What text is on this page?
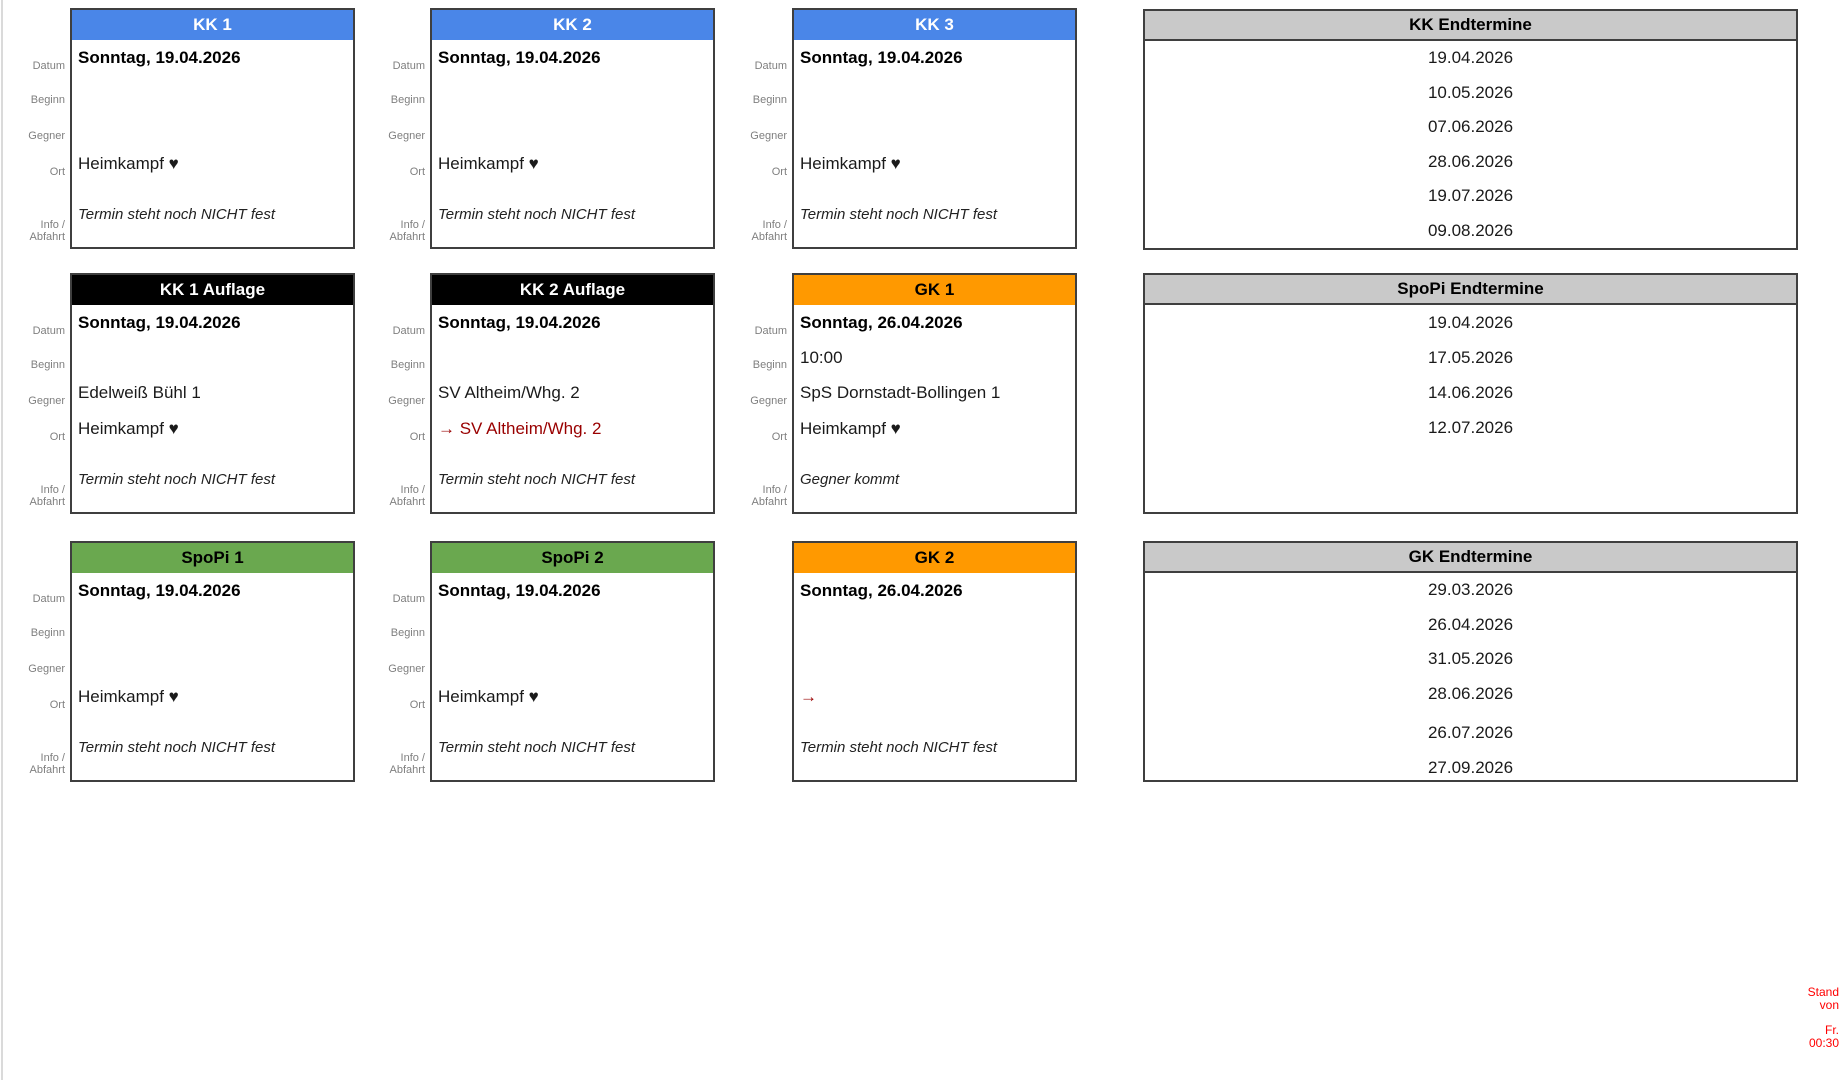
Datum
Beginn
Gegner
Ort
Info /
Abfahrt
KK 1
Sonntag, 19.04.2026
Heimkampf ♥
Termin steht noch NICHT fest
Datum
Beginn
Gegner
Ort
Info /
Abfahrt
KK 2
Sonntag, 19.04.2026
Heimkampf ♥
Termin steht noch NICHT fest
Datum
Beginn
Gegner
Ort
Info /
Abfahrt
KK 3
Sonntag, 19.04.2026
Heimkampf ♥
Termin steht noch NICHT fest
Datum
Beginn
Gegner
Ort
Info /
Abfahrt
KK 1 Auflage
Sonntag, 19.04.2026
Edelweiß Bühl 1
Heimkampf ♥
Termin steht noch NICHT fest
Datum
Beginn
Gegner
Ort
Info /
Abfahrt
KK 2 Auflage
Sonntag, 19.04.2026
SV Altheim/Whg. 2
→ SV Altheim/Whg. 2
Termin steht noch NICHT fest
Datum
Beginn
Gegner
Ort
Info /
Abfahrt
GK 1
Sonntag, 26.04.2026
10:00
SpS Dornstadt-Bollingen 1
Heimkampf ♥
Gegner kommt
Datum
Beginn
Gegner
Ort
Info /
Abfahrt
SpoPi 1
Sonntag, 19.04.2026
Heimkampf ♥
Termin steht noch NICHT fest
Datum
Beginn
Gegner
Ort
Info /
Abfahrt
SpoPi 2
Sonntag, 19.04.2026
Heimkampf ♥
Termin steht noch NICHT fest
GK 2
Sonntag, 26.04.2026
→
Termin steht noch NICHT fest
KK Endtermine
19.04.2026
10.05.2026
07.06.2026
28.06.2026
19.07.2026
09.08.2026
SpoPi Endtermine
19.04.2026
17.05.2026
14.06.2026
12.07.2026
GK Endtermine
29.03.2026
26.04.2026
31.05.2026
28.06.2026
26.07.2026
27.09.2026
Stand
von
Fr.
00:30
